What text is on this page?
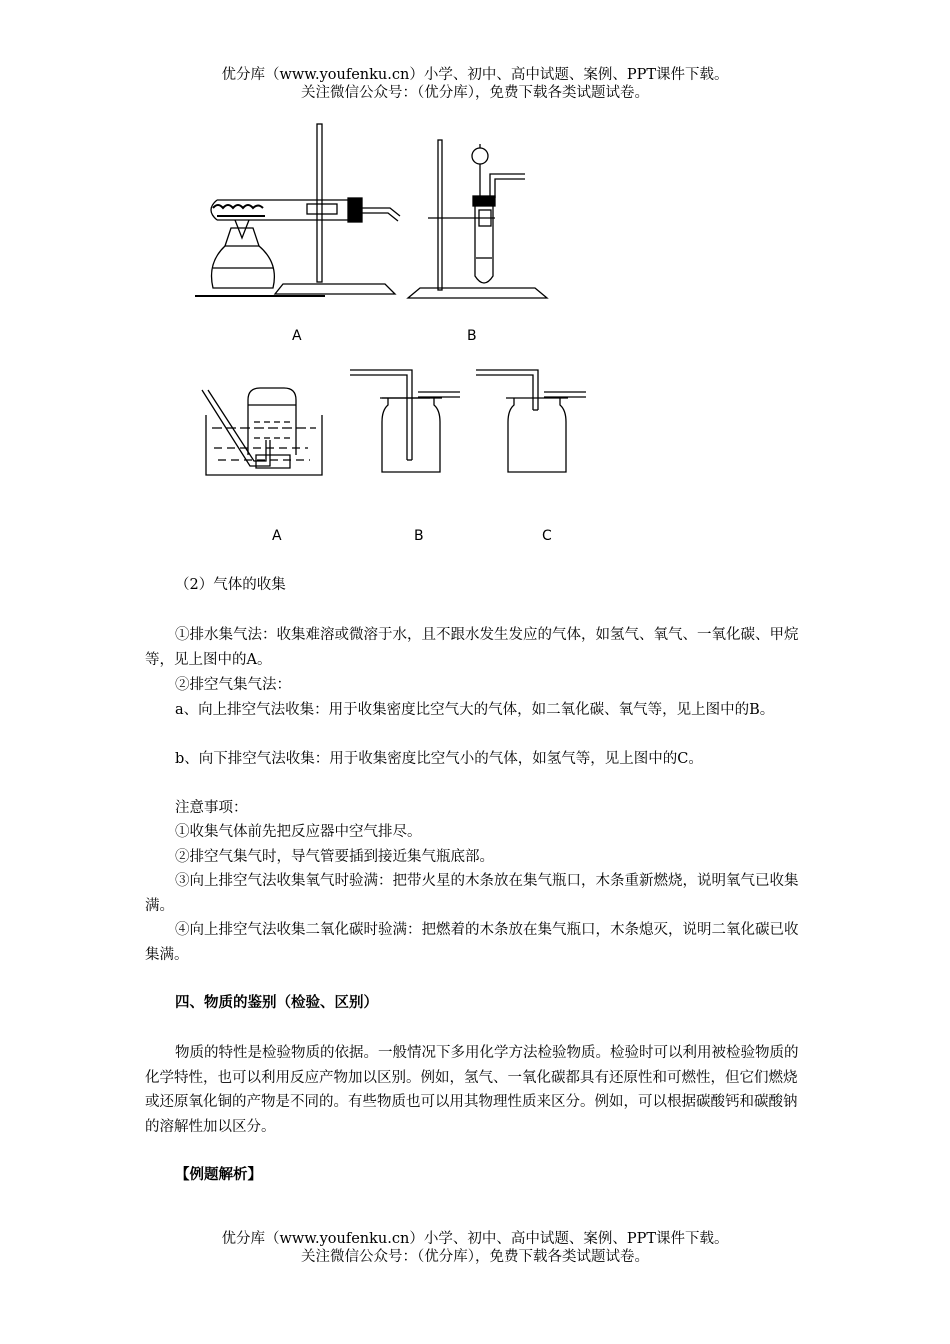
优分库（www.youfenku.cn）小学、初中、高中试题、案例、PPT课件下载。
关注微信公众号：（优分库），免费下载各类试题试卷。
A	B
A	B	C
（2）气体的收集
①排水集气法：收集难溶或微溶于水，且不跟水发生发应的气体，如氢气、氧气、一氧化碳、甲烷等，见上图中的A。
②排空气集气法：
a、向上排空气法收集：用于收集密度比空气大的气体，如二氧化碳、氧气等，见上图中的B。
b、向下排空气法收集：用于收集密度比空气小的气体，如氢气等，见上图中的C。
注意事项：
①收集气体前先把反应器中空气排尽。
②排空气集气时，导气管要插到接近集气瓶底部。
③向上排空气法收集氧气时验满：把带火星的木条放在集气瓶口，木条重新燃烧，说明氧气已收集满。
④向上排空气法收集二氧化碳时验满：把燃着的木条放在集气瓶口，木条熄灭，说明二氧化碳已收集满。
四、物质的鉴别（检验、区别）
物质的特性是检验物质的依据。一般情况下多用化学方法检验物质。检验时可以利用被检验物质的化学特性，也可以利用反应产物加以区别。例如，氢气、一氧化碳都具有还原性和可燃性，但它们燃烧或还原氧化铜的产物是不同的。有些物质也可以用其物理性质来区分。例如，可以根据碳酸钙和碳酸钠的溶解性加以区分。
【例题解析】
优分库（www.youfenku.cn）小学、初中、高中试题、案例、PPT课件下载。
关注微信公众号：（优分库），免费下载各类试题试卷。
